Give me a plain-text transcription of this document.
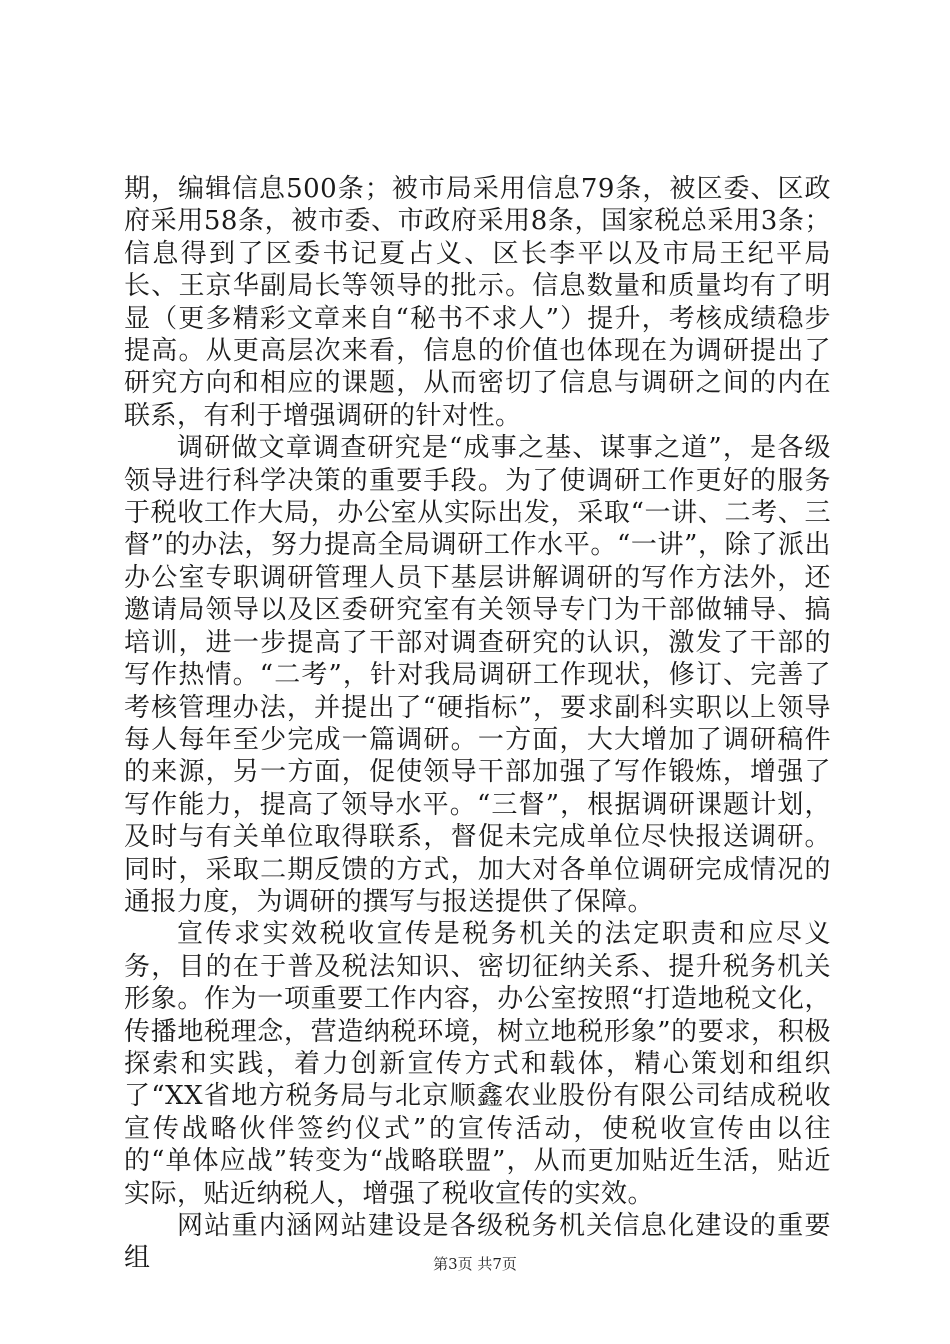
期，编辑信息500条；被市局采用信息79条，被区委、区政府采用58条，被市委、市政府采用8条，国家税总采用3条；信息得到了区委书记夏占义、区长李平以及市局王纪平局长、王京华副局长等领导的批示。信息数量和质量均有了明显（更多精彩文章来自“秘书不求人”）提升，考核成绩稳步提高。从更高层次来看，信息的价值也体现在为调研提出了研究方向和相应的课题，从而密切了信息与调研之间的内在联系，有利于增强调研的针对性。

调研做文章调查研究是“成事之基、谋事之道”，是各级领导进行科学决策的重要手段。为了使调研工作更好的服务于税收工作大局，办公室从实际出发，采取“一讲、二考、三督”的办法，努力提高全局调研工作水平。“一讲”，除了派出办公室专职调研管理人员下基层讲解调研的写作方法外，还邀请局领导以及区委研究室有关领导专门为干部做辅导、搞培训，进一步提高了干部对调查研究的认识，激发了干部的写作热情。“二考”，针对我局调研工作现状，修订、完善了考核管理办法，并提出了“硬指标”，要求副科实职以上领导每人每年至少完成一篇调研。一方面，大大增加了调研稿件的来源，另一方面，促使领导干部加强了写作锻炼，增强了写作能力，提高了领导水平。“三督”，根据调研课题计划，及时与有关单位取得联系，督促未完成单位尽快报送调研。同时，采取二期反馈的方式，加大对各单位调研完成情况的通报力度，为调研的撰写与报送提供了保障。

宣传求实效税收宣传是税务机关的法定职责和应尽义务，目的在于普及税法知识、密切征纳关系、提升税务机关形象。作为一项重要工作内容，办公室按照“打造地税文化，传播地税理念，营造纳税环境，树立地税形象”的要求，积极探索和实践，着力创新宣传方式和载体，精心策划和组织了“XX省地方税务局与北京顺鑫农业股份有限公司结成税收宣传战略伙伴签约仪式”的宣传活动，使税收宣传由以往的“单体应战”转变为“战略联盟”，从而更加贴近生活，贴近实际，贴近纳税人，增强了税收宣传的实效。

网站重内涵网站建设是各级税务机关信息化建设的重要组	第3页 共7页
